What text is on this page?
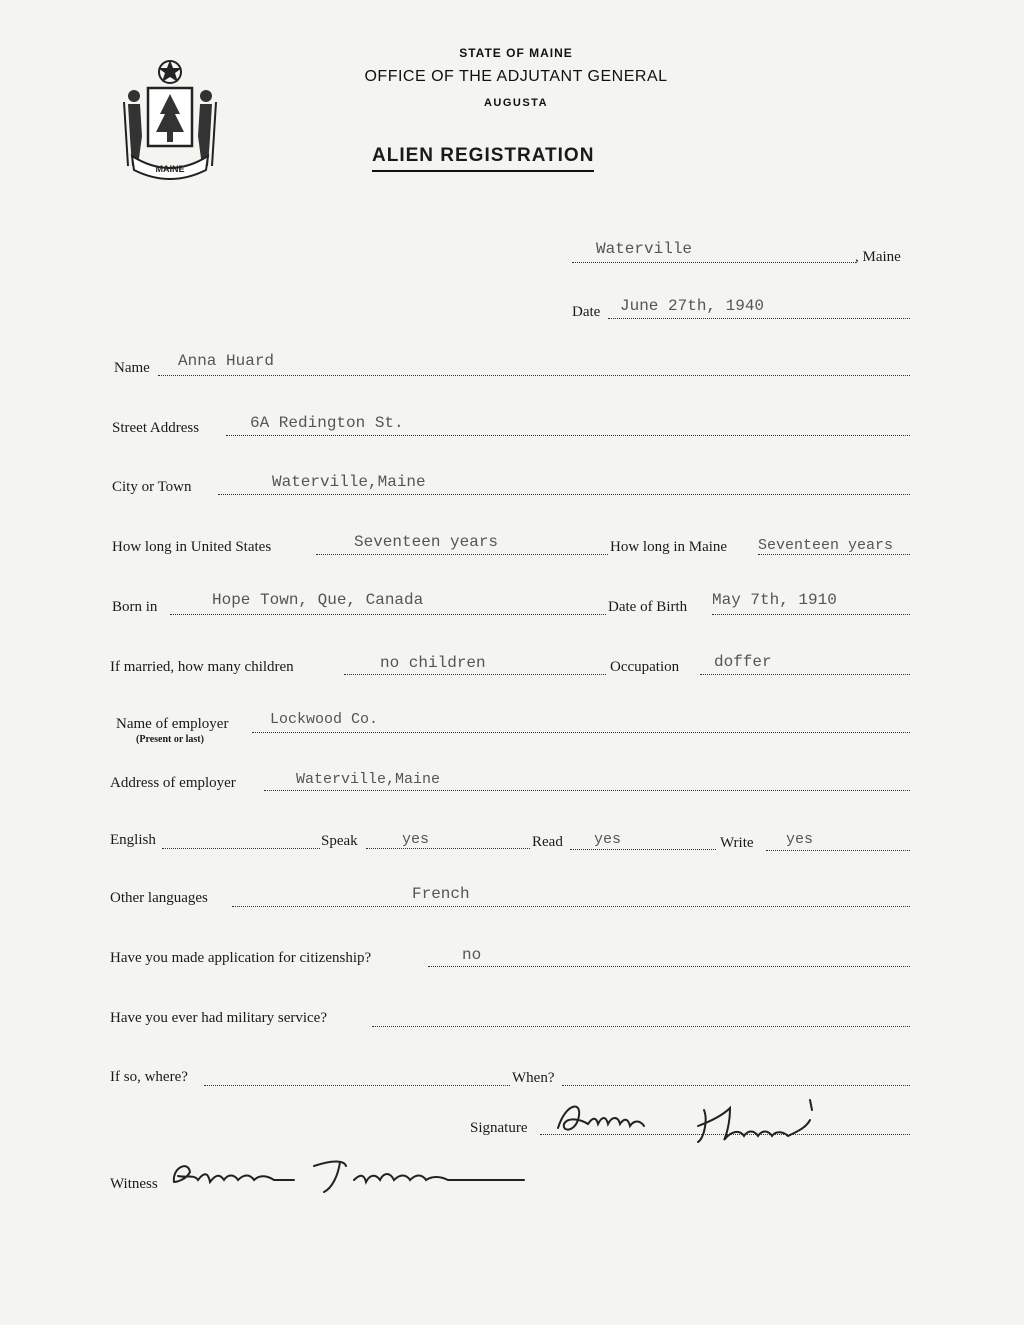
MAINE
STATE OF MAINE
OFFICE OF THE ADJUTANT GENERAL
AUGUSTA
ALIEN REGISTRATION
Waterville	, Maine
Date June 27th, 1940
Name Anna Huard
Street Address	6A Redington St.
City or Town	Waterville,Maine
How long in United States	Seventeen years	How long in Maine Seventeen years
Born in	Hope Town, Que, Canada	Date of Birth May 7th, 1910
If married, how many children	no children	Occupation doffer
Name of employer
(Present or last)
Lockwood Co.
Address of employer	Waterville,Maine
English	Speak	yes	Read yes	Write yes
Other languages	French
Have you made application for citizenship?	no
Have you ever had military service?
If so, where?	When?
Signature
Witness
